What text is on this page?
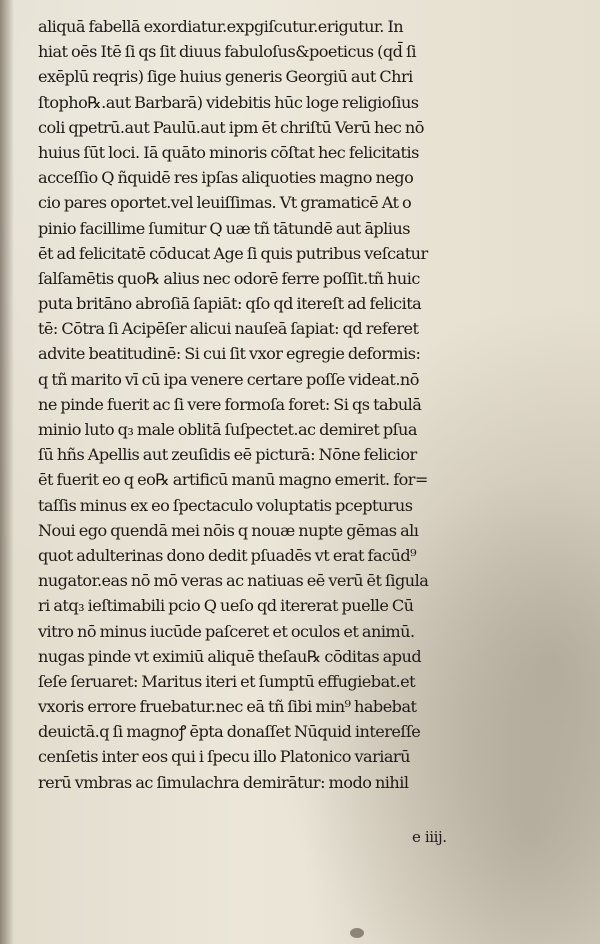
aliquā fabellā exordiatur.expgiſcutur.erigutur. In
hiat oēs Itē ſi qs ſit diuus fabuloſus&poeticus (qd̄ ſi
exēplū reqris) ſige huius generis Georgiū aut Chri
ſtopho℞.aut Barbarā) videbitis hūc loge religioſius
coli qpetrū.aut Paulū.aut ipm ēt chriſtū Verū hec nō
huius ſūt loci. Iā quāto minoris cōſtat hec felicitatis
acceſſio Q ñquidē res ipſas aliquoties magno nego
cio pares oportet.vel leuiſſimas. Vt gramaticē At o
pinio facillime ſumitur Q uæ tñ tātundē aut āplius
ēt ad felicitatē cōducat Age ſi quis putribus veſcatur
ſalſamētis quo℞ alius nec odorē ferre poſſit.tñ huic
puta britāno abroſiā ſapiāt: qſo qd itereſt ad felicita
tē: Cōtra ſi Acipēſer alicui nauſeā ſapiat: qd referet
advite beatitudinē: Si cui ſit vxor egregie deformis:
q tñ marito vī cū ipa venere certare poſſe videat.nō
ne pinde fuerit ac ſi vere formoſa foret: Si qs tabulā
minio luto q₃ male oblitā ſuſpectet.ac demiret pſua
ſū hñs Apellis aut zeuſidis eē picturā: Nōne felicior
ēt fuerit eo q eo℞ artificū manū magno emerit. for=
taſſis minus ex eo ſpectaculo voluptatis pcepturus
Noui ego quendā mei nōis q nouæ nupte gēmas alı
quot adulterinas dono dedit pſuadēs vt erat facūd⁹
nugator.eas nō mō veras ac natiuas eē verū ēt ſigula
ri atq₃ ieſtimabili pcio Q ueſo qd itererat puelle Cū
vitro nō minus iucūde paſceret et oculos et animū.
nugas pinde vt eximiū aliquē theſau℞ cōditas apud
ſeſe ſeruaret: Maritus iteri et ſumptū effugiebat.et
vxoris errore fruebatur.nec eā tñ ſibi min⁹ habebat
deuictā.q ſi magnoꝭ ēpta donaſſet Nūquid intereſſe
cenſetis inter eos qui i ſpecu illo Platonico variarū
rerū vmbras ac ſimulachra demirātur: modo nihil
e iiij.
